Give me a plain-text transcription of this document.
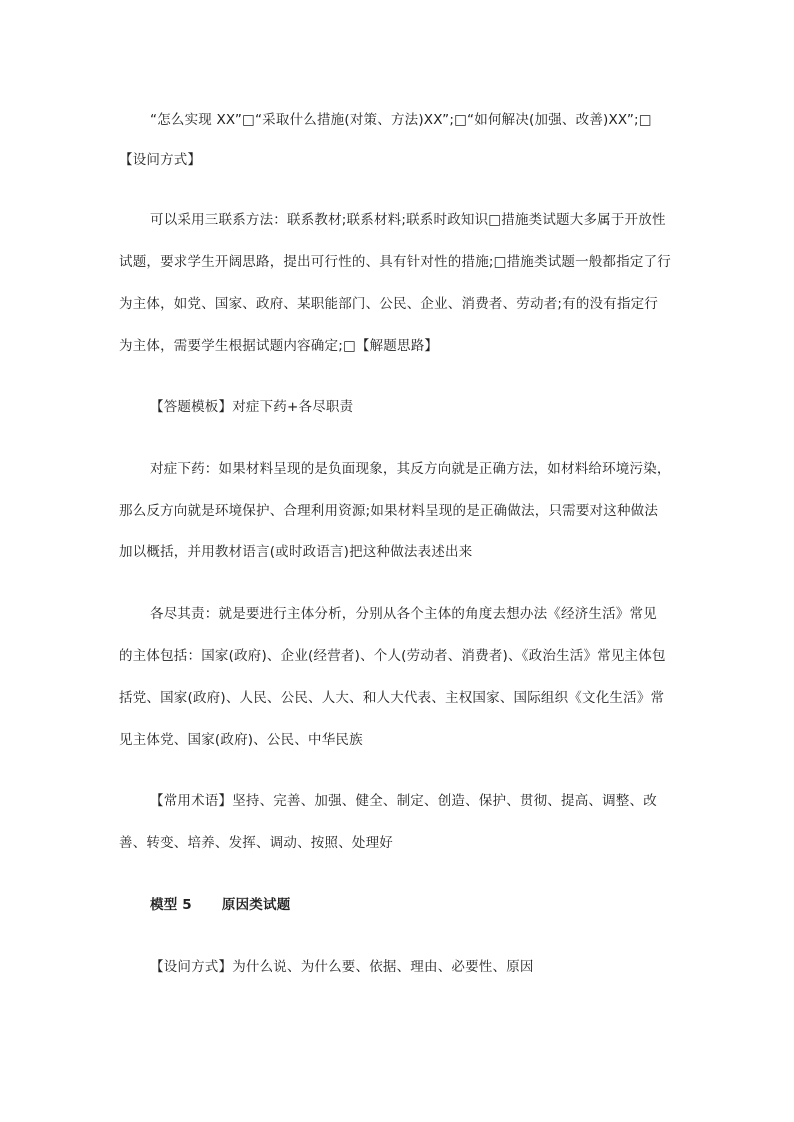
“怎么实现 XX”□“采取什么措施(对策、方法)XX”;□“如何解决(加强、改善)XX”;□
【设问方式】
可以采用三联系方法：联系教材;联系材料;联系时政知识□措施类试题大多属于开放性
试题，要求学生开阔思路，提出可行性的、具有针对性的措施;□措施类试题一般都指定了行
为主体，如党、国家、政府、某职能部门、公民、企业、消费者、劳动者;有的没有指定行
为主体，需要学生根据试题内容确定;□【解题思路】
【答题模板】对症下药+各尽职责
对症下药：如果材料呈现的是负面现象，其反方向就是正确方法，如材料给环境污染，
那么反方向就是环境保护、合理利用资源;如果材料呈现的是正确做法，只需要对这种做法
加以概括，并用教材语言(或时政语言)把这种做法表述出来
各尽其责：就是要进行主体分析，分别从各个主体的角度去想办法《经济生活》常见
的主体包括：国家(政府)、企业(经营者)、个人(劳动者、消费者)、《政治生活》常见主体包
括党、国家(政府)、人民、公民、人大、和人大代表、主权国家、国际组织《文化生活》常
见主体党、国家(政府)、公民、中华民族
【常用术语】坚持、完善、加强、健全、制定、创造、保护、贯彻、提高、调整、改
善、转变、培养、发挥、调动、按照、处理好
模型 5 原因类试题
【设问方式】为什么说、为什么要、依据、理由、必要性、原因
